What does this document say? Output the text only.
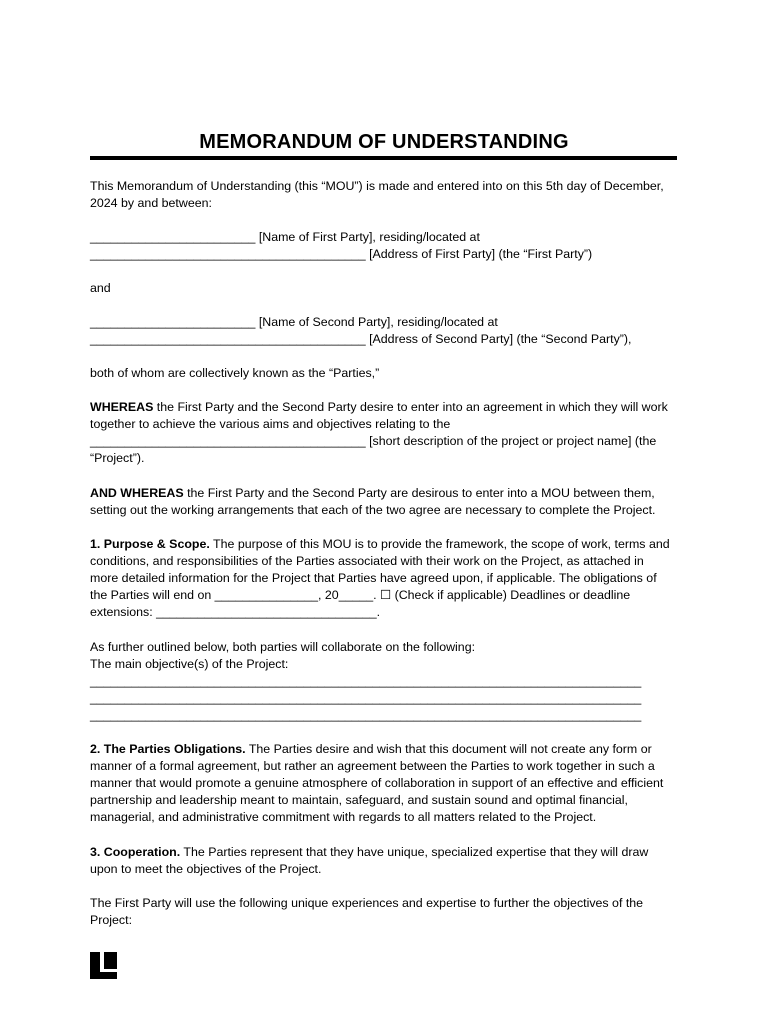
MEMORANDUM OF UNDERSTANDING

This Memorandum of Understanding (this “MOU”) is made and entered into on this 5th day of December,
2024 by and between:

________________________ [Name of First Party], residing/located at
________________________________________ [Address of First Party] (the “First Party”)

and

________________________ [Name of Second Party], residing/located at
________________________________________ [Address of Second Party] (the “Second Party”),

both of whom are collectively known as the “Parties,”

WHEREAS the First Party and the Second Party desire to enter into an agreement in which they will work
together to achieve the various aims and objectives relating to the
________________________________________ [short description of the project or project name] (the
“Project”).

AND WHEREAS the First Party and the Second Party are desirous to enter into a MOU between them,
setting out the working arrangements that each of the two agree are necessary to complete the Project.

1. Purpose & Scope. The purpose of this MOU is to provide the framework, the scope of work, terms and
conditions, and responsibilities of the Parties associated with their work on the Project, as attached in
more detailed information for the Project that Parties have agreed upon, if applicable. The obligations of
the Parties will end on _______________, 20_____. ☐ (Check if applicable) Deadlines or deadline
extensions: ________________________________.

As further outlined below, both parties will collaborate on the following:
The main objective(s) of the Project:
________________________________________________________________________________
________________________________________________________________________________
________________________________________________________________________________

2. The Parties Obligations. The Parties desire and wish that this document will not create any form or
manner of a formal agreement, but rather an agreement between the Parties to work together in such a
manner that would promote a genuine atmosphere of collaboration in support of an effective and efficient
partnership and leadership meant to maintain, safeguard, and sustain sound and optimal financial,
managerial, and administrative commitment with regards to all matters related to the Project.

3. Cooperation. The Parties represent that they have unique, specialized expertise that they will draw
upon to meet the objectives of the Project.

The First Party will use the following unique experiences and expertise to further the objectives of the
Project:
